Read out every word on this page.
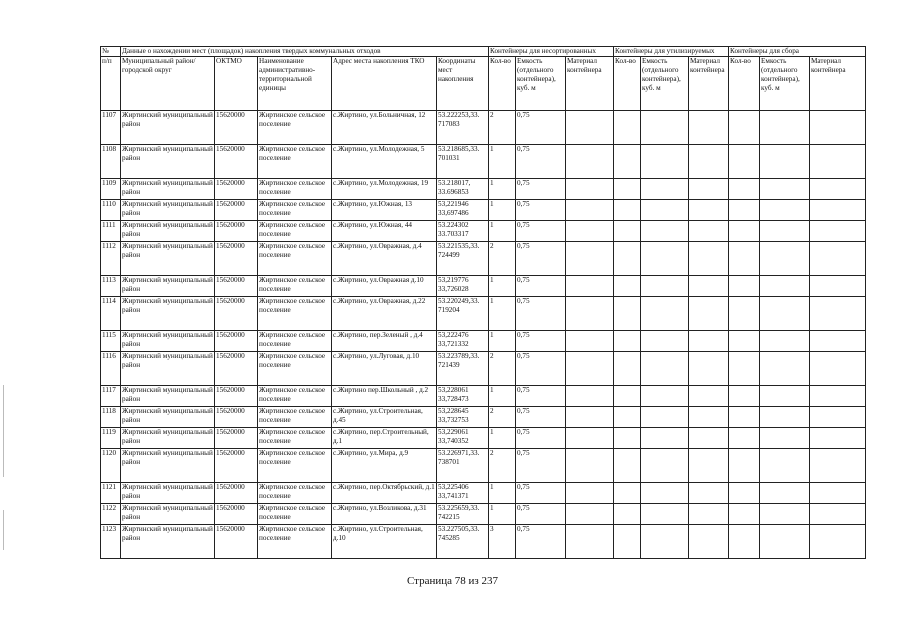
№	Данные о нахождении мест (площадок) накопления твердых коммунальных отходов					Контейнеры для несортированных			Контейнеры для утилизируемых			Контейнеры для сбора		
п/п	Муниципальный район/городской округ	ОКТМО	Наименование административно-территориальной единицы	Адрес места накопления ТКО	Координаты мест накопления	Кол-во	Емкость (отдельного контейнера), куб. м	Материал контейнера	Кол-во	Емкость (отдельного контейнера), куб. м	Материал контейнера	Кол-во	Емкость (отдельного контейнера), куб. м	Материал контейнера
1107	Жиртинский муниципальный район	15620000	Жиртинское сельское поселение	с.Жиртино, ул.Больничная, 12	53.222253,33. 717083	2	0,75							
1108	Жиртинский муниципальный район	15620000	Жиртинское сельское поселение	с.Жиртино, ул.Молодежная, 5	53.218685,33. 701031	1	0,75							
1109	Жиртинский муниципальный район	15620000	Жиртинское сельское поселение	с.Жиртино, ул.Молодежная, 19	53.218017, 33.696853	1	0,75							
1110	Жиртинский муниципальный район	15620000	Жиртинское сельское поселение	с.Жиртино, ул.Южная, 13	53,221946 33,697486	1	0,75							
1111	Жиртинский муниципальный район	15620000	Жиртинское сельское поселение	с.Жиртино, ул.Южная, 44	53.224302 33.703317	1	0,75							
1112	Жиртинский муниципальный район	15620000	Жиртинское сельское поселение	с.Жиртино, ул.Овражная, д.4	53.221535,33. 724499	2	0,75							
1113	Жиртинский муниципальный район	15620000	Жиртинское сельское поселение	с.Жиртино, ул.Овражная д.10	53,219776 33,726028	1	0,75							
1114	Жиртинский муниципальный район	15620000	Жиртинское сельское поселение	с.Жиртино, ул.Овражная, д.22	53.220249,33. 719204	1	0,75							
1115	Жиртинский муниципальный район	15620000	Жиртинское сельское поселение	с.Жиртино, пер.Зеленый , д.4	53,222476 33,721332	1	0,75							
1116	Жиртинский муниципальный район	15620000	Жиртинское сельское поселение	с.Жиртино, ул.Луговая, д.10	53.223789,33. 721439	2	0,75							
1117	Жиртинский муниципальный район	15620000	Жиртинское сельское поселение	с.Жиртино пер.Школьный , д.2	53,228061 33,728473	1	0,75							
1118	Жиртинский муниципальный район	15620000	Жиртинское сельское поселение	с.Жиртино, ул.Строительная, д.45	53,228645 33,732753	2	0,75							
1119	Жиртинский муниципальный район	15620000	Жиртинское сельское поселение	с.Жиртино, пер.Строительный, д.1	53,229061 33,740352	1	0,75							
1120	Жиртинский муниципальный район	15620000	Жиртинское сельское поселение	с.Жиртино, ул.Мира, д.9	53.226971,33. 738701	2	0,75							
1121	Жиртинский муниципальный район	15620000	Жиртинское сельское поселение	с.Жиртино, пер.Октябрьский, д.1	53,225406 33,741371	1	0,75							
1122	Жиртинский муниципальный район	15620000	Жиртинское сельское поселение	с.Жиртино, ул.Возликова, д.31	53.225659,33. 742215	1	0,75							
1123	Жиртинский муниципальный район	15620000	Жиртинское сельское поселение	с.Жиртино, ул.Строительная, д.10	53.227505,33. 745285	3	0,75							
Страница 78 из 237
